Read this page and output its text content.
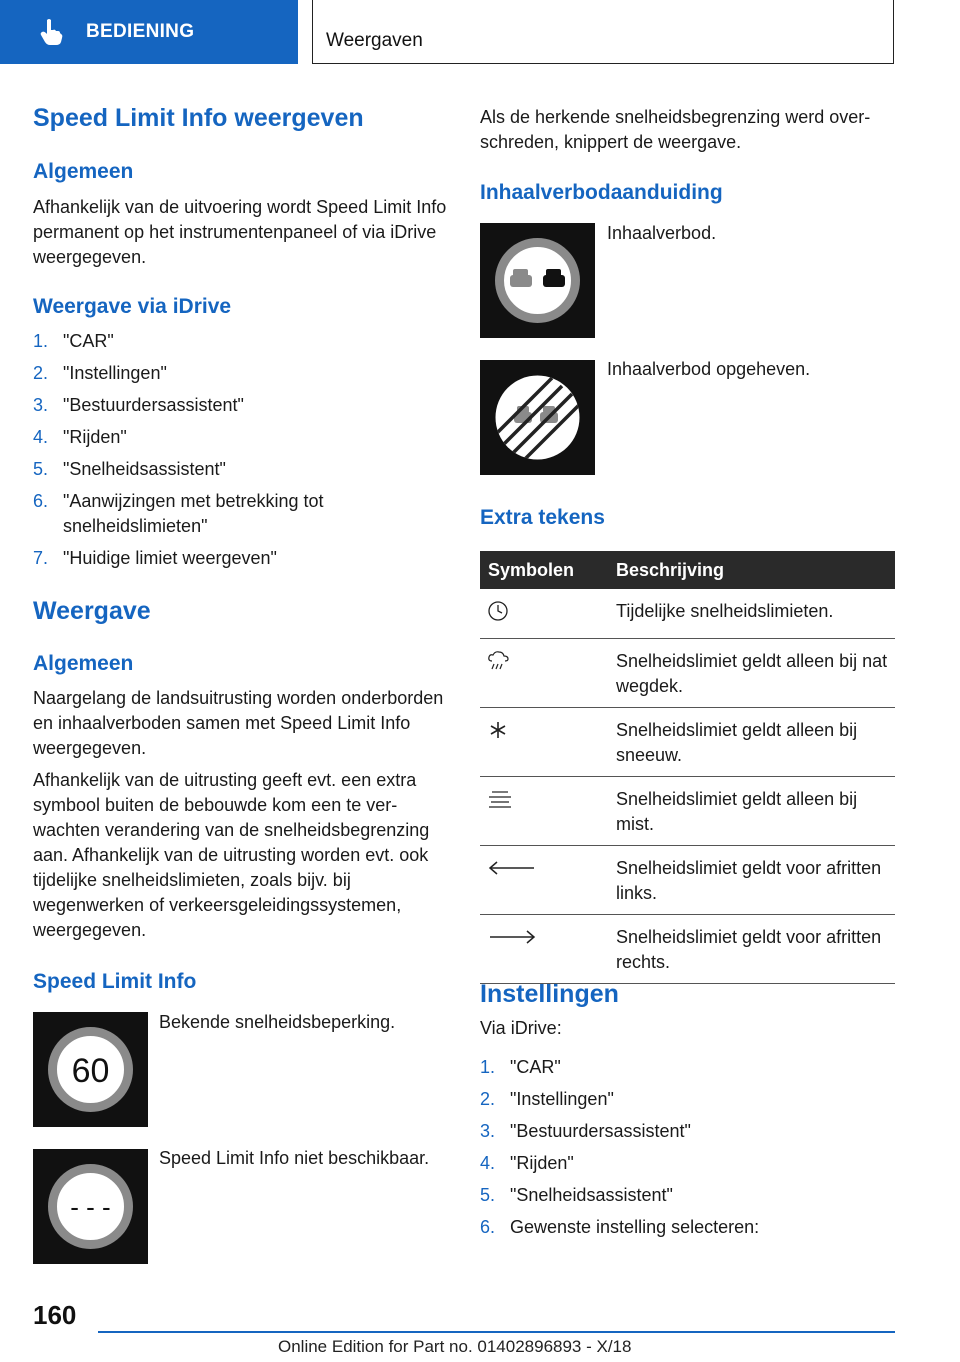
BEDIENING	Weergaven
Speed Limit Info weergeven
Algemeen

Afhankelijk van de uitvoering wordt Speed Limit Info permanent op het instrumentenpaneel of via iDrive weergegeven.

Weergave via iDrive
1. "CAR"
2. "Instellingen"
3. "Bestuurdersassistent"
4. "Rijden"
5. "Snelheidsassistent"
6. "Aanwijzingen met betrekking tot snelheidslimieten"
7. "Huidige limiet weergeven"
Weergave
Algemeen

Naargelang de landsuitrusting worden onderborden en inhaalverboden samen met Speed Limit Info weergegeven.

Afhankelijk van de uitrusting geeft evt. een extra symbool buiten de bebouwde kom een te verwachten verandering van de snelheidsbegrenzing aan. Afhankelijk van de uitrusting worden evt. ook tijdelijke snelheidslimieten, zoals bijv. bij wegenwerken of verkeersgeleidingssystemen, weergegeven.

Speed Limit Info
60

Bekende snelheidsbeperking.

- - -

Speed Limit Info niet beschikbaar.

Als de herkende snelheidsbegrenzing werd overschreden, knippert de weergave.

Inhaalverbodaanduiding

Inhaalverbod.

Inhaalverbod opgeheven.

Extra tekens
Symbolen	Beschrijving
	Tijdelijke snelheidslimieten.
	Snelheidslimiet geldt alleen bij nat wegdek.
	Snelheidslimiet geldt alleen bij sneeuw.
	Snelheidslimiet geldt alleen bij mist.
	Snelheidslimiet geldt voor afritten links.
	Snelheidslimiet geldt voor afritten rechts.
Instellingen

Via iDrive:

1. "CAR"
2. "Instellingen"
3. "Bestuurdersassistent"
4. "Rijden"
5. "Snelheidsassistent"
6. Gewenste instelling selecteren:
160
Online Edition for Part no. 01402896893 - X/18
